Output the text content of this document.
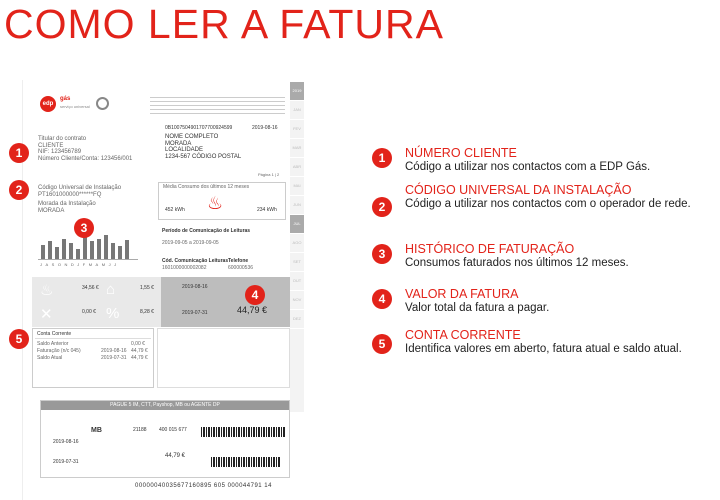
COMO LER A FATURA
2019
JAN
FEV
MAR
ABR
MAI
JUN
JUL
AGO
SET
OUT
NOV
DEZ
edp
gás
serviço universal
0B1007504901707700924599	2019-08-16
Titular do contrato
CLIENTE
NIF: 123456789
Número Cliente/Conta: 123456/001
NOME COMPLETO
MORADA
LOCALIDADE
1234-567 CÓDIGO POSTAL
Página 1 | 2
Código Universal de Instalação
PT1601000000******FQ
Morada da Instalação
MORADA
Média Consumo dos últimos 12 meses
452 kWh ♨	234 kWh
JASONDJFMAMJJ
Período de Comunicação de Leituras
2019-09-05 a 2019-09-05
Cód. Comunicação Leituras Telefone
1601000000002082	600000536
♨	34,56 € ⌂	1,55 €
✕	0,00 € %	8,28 €
2019-08-16
2019-07-31	44,79 €
Conta Corrente
Saldo Anterior	0,00 €
Faturação (n/c 045)	2019-08-16 44,79 €
Saldo Atual	2019-07-31 44,79 €
PAGUE 5 IM, CTT, Payshop, MB ou AGENTE DP
2019-08-16
2019-07-31
MB	21188 400 015 677
44,79 €
00000040035677160895 605 000044791 14
1
2
3
4
5
1	NÚMERO CLIENTE
Código a utilizar nos contactos com a EDP Gás.
2
CÓDIGO UNIVERSAL DA INSTALAÇÃO
Código a utilizar nos contactos com o operador de rede.
3	HISTÓRICO DE FATURAÇÃO
Consumos faturados nos últimos 12 meses.
4	VALOR DA FATURA
Valor total da fatura a pagar.
5
CONTA CORRENTE
Identifica valores em aberto, fatura atual e saldo atual.
